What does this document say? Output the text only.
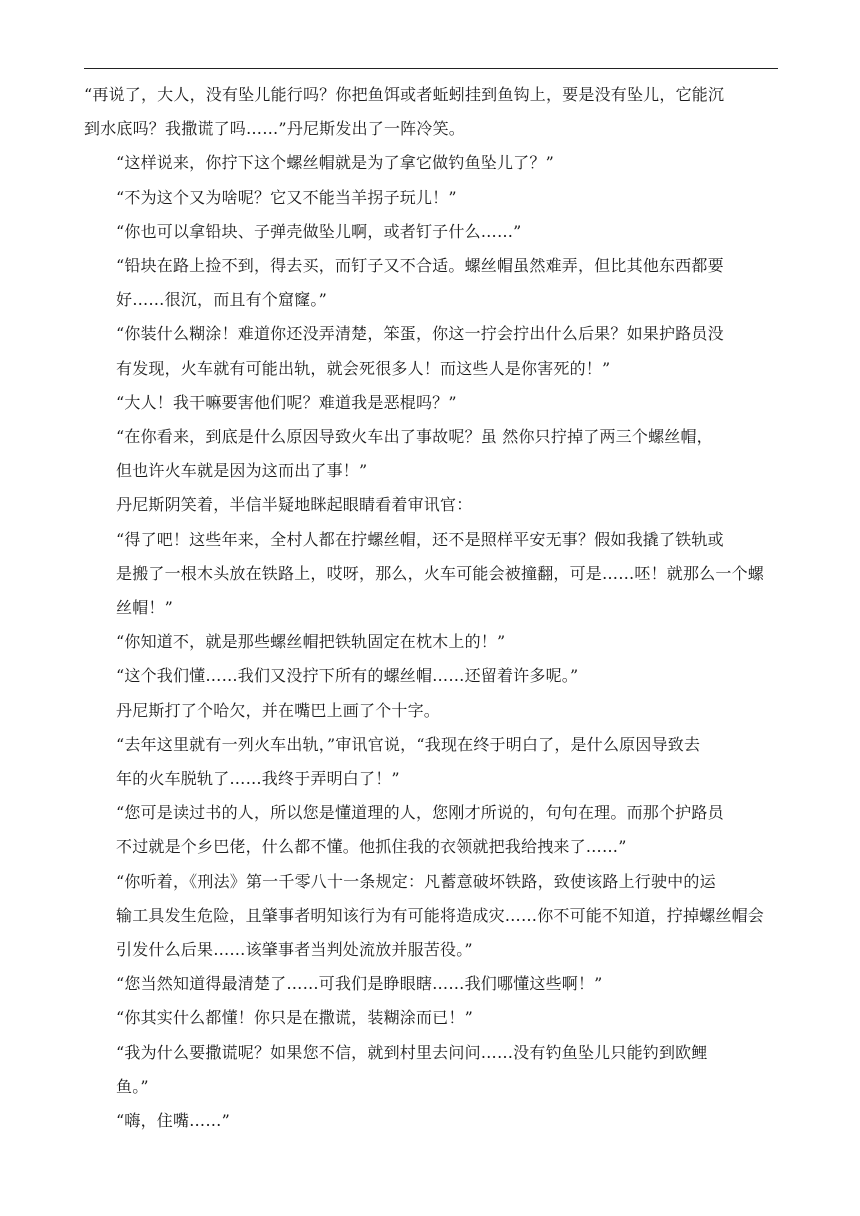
“再说了，大人，没有坠儿能行吗？你把鱼饵或者蚯蚓挂到鱼钩上，要是没有坠儿，它能沉
到水底吗？我撒谎了吗……”丹尼斯发出了一阵冷笑。

“这样说来，你拧下这个螺丝帽就是为了拿它做钓鱼坠儿了？”

“不为这个又为啥呢？它又不能当羊拐子玩儿！”

“你也可以拿铅块、子弹壳做坠儿啊，或者钉子什么……”

“铅块在路上捡不到，得去买，而钉子又不合适。螺丝帽虽然难弄，但比其他东西都要
好……很沉，而且有个窟窿。”

“你装什么糊涂！难道你还没弄清楚，笨蛋，你这一拧会拧出什么后果？如果护路员没
有发现，火车就有可能出轨，就会死很多人！而这些人是你害死的！”

“大人！我干嘛要害他们呢？难道我是恶棍吗？”

“在你看来，到底是什么原因导致火车出了事故呢？虽 然你只拧掉了两三个螺丝帽，
但也许火车就是因为这而出了事！”

丹尼斯阴笑着，半信半疑地眯起眼睛看着审讯官：

“得了吧！这些年来，全村人都在拧螺丝帽，还不是照样平安无事？假如我撬了铁轨或
是搬了一根木头放在铁路上，哎呀，那么，火车可能会被撞翻，可是……呸！就那么一个螺
丝帽！”

“你知道不，就是那些螺丝帽把铁轨固定在枕木上的！”

“这个我们懂……我们又没拧下所有的螺丝帽……还留着许多呢。”

丹尼斯打了个哈欠，并在嘴巴上画了个十字。

“去年这里就有一列火车出轨，”审讯官说，“我现在终于明白了，是什么原因导致去
年的火车脱轨了……我终于弄明白了！”

“您可是读过书的人，所以您是懂道理的人，您刚才所说的，句句在理。而那个护路员
不过就是个乡巴佬，什么都不懂。他抓住我的衣领就把我给拽来了……”

“你听着，《刑法》第一千零八十一条规定：凡蓄意破坏铁路，致使该路上行驶中的运
输工具发生危险，且肇事者明知该行为有可能将造成灾……你不可能不知道，拧掉螺丝帽会
引发什么后果……该肇事者当判处流放并服苦役。”

“您当然知道得最清楚了……可我们是睁眼瞎……我们哪懂这些啊！”

“你其实什么都懂！你只是在撒谎，装糊涂而已！”

“我为什么要撒谎呢？如果您不信，就到村里去问问……没有钓鱼坠儿只能钓到欧鲤
鱼。”

“嗨，住嘴……”
